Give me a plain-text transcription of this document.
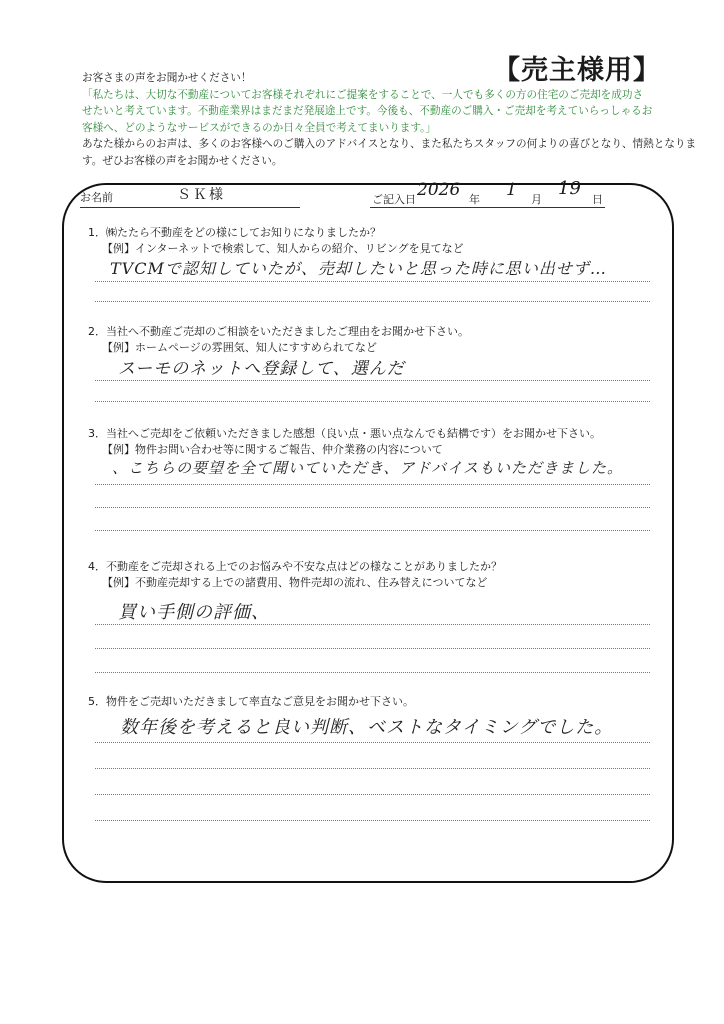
【売主様用】
お客さまの声をお聞かせください！
「私たちは、大切な不動産についてお客様それぞれにご提案をすることで、一人でも多くの方の住宅のご売却を成功さ
せたいと考えています。不動産業界はまだまだ発展途上です。今後も、不動産のご購入・ご売却を考えていらっしゃるお
客様へ、どのようなサービスができるのか日々全員で考えてまいります。」
あなた様からのお声は、多くのお客様へのご購入のアドバイスとなり、また私たちスタッフの何よりの喜びとなり、情熱となりま
す。ぜひお客様の声をお聞かせください。
お名前	ＳＫ様	ご記入日 2026 年 1 月
19
日
1．㈱たたら不動産をどの様にしてお知りになりましたか？
【例】インターネットで検索して、知人からの紹介、リビングを見てなど
TVCMで認知していたが、売却したいと思った時に思い出せず…
2．当社へ不動産ご売却のご相談をいただきましたご理由をお聞かせ下さい。
【例】ホームページの雰囲気、知人にすすめられてなど
スーモのネットへ登録して、選んだ
3．当社へご売却をご依頼いただきました感想（良い点・悪い点なんでも結構です）をお聞かせ下さい。
【例】物件お問い合わせ等に関するご報告、仲介業務の内容について
、こちらの要望を全て聞いていただき、アドバイスもいただきました。
4．不動産をご売却される上でのお悩みや不安な点はどの様なことがありましたか？
【例】不動産売却する上での諸費用、物件売却の流れ、住み替えについてなど
買い手側の評価、
5．物件をご売却いただきまして率直なご意見をお聞かせ下さい。
数年後を考えると良い判断、ベストなタイミングでした。
